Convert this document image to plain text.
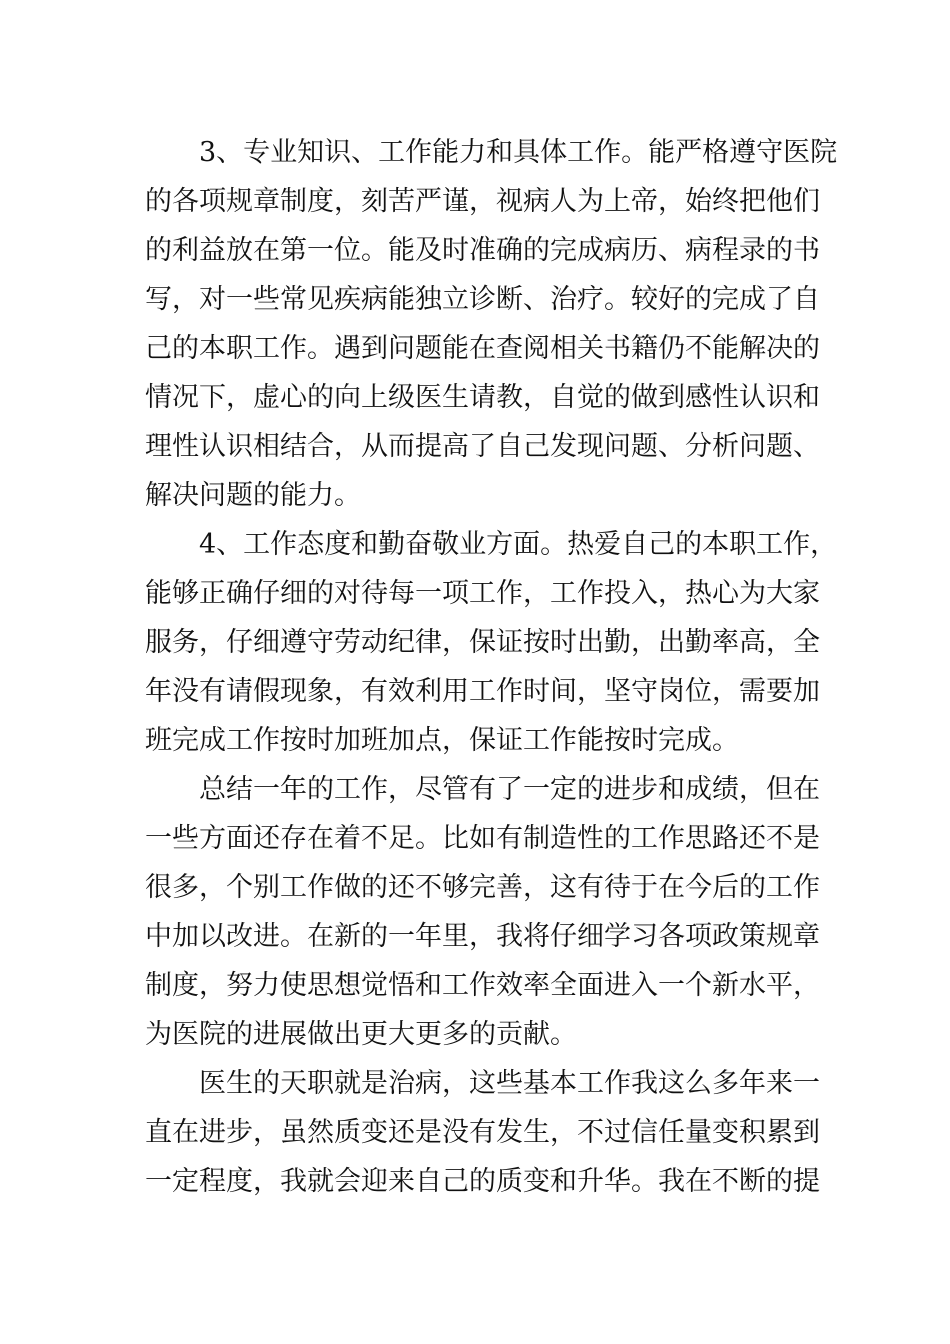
3、专业知识、工作能力和具体工作。能严格遵守医院
的各项规章制度，刻苦严谨，视病人为上帝，始终把他们
的利益放在第一位。能及时准确的完成病历、病程录的书
写，对一些常见疾病能独立诊断、治疗。较好的完成了自
己的本职工作。遇到问题能在查阅相关书籍仍不能解决的
情况下，虚心的向上级医生请教，自觉的做到感性认识和
理性认识相结合，从而提高了自己发现问题、分析问题、
解决问题的能力。
4、工作态度和勤奋敬业方面。热爱自己的本职工作，
能够正确仔细的对待每一项工作，工作投入，热心为大家
服务，仔细遵守劳动纪律，保证按时出勤，出勤率高，全
年没有请假现象，有效利用工作时间，坚守岗位，需要加
班完成工作按时加班加点，保证工作能按时完成。
总结一年的工作，尽管有了一定的进步和成绩，但在
一些方面还存在着不足。比如有制造性的工作思路还不是
很多，个别工作做的还不够完善，这有待于在今后的工作
中加以改进。在新的一年里，我将仔细学习各项政策规章
制度，努力使思想觉悟和工作效率全面进入一个新水平，
为医院的进展做出更大更多的贡献。
医生的天职就是治病，这些基本工作我这么多年来一
直在进步，虽然质变还是没有发生，不过信任量变积累到
一定程度，我就会迎来自己的质变和升华。我在不断的提
